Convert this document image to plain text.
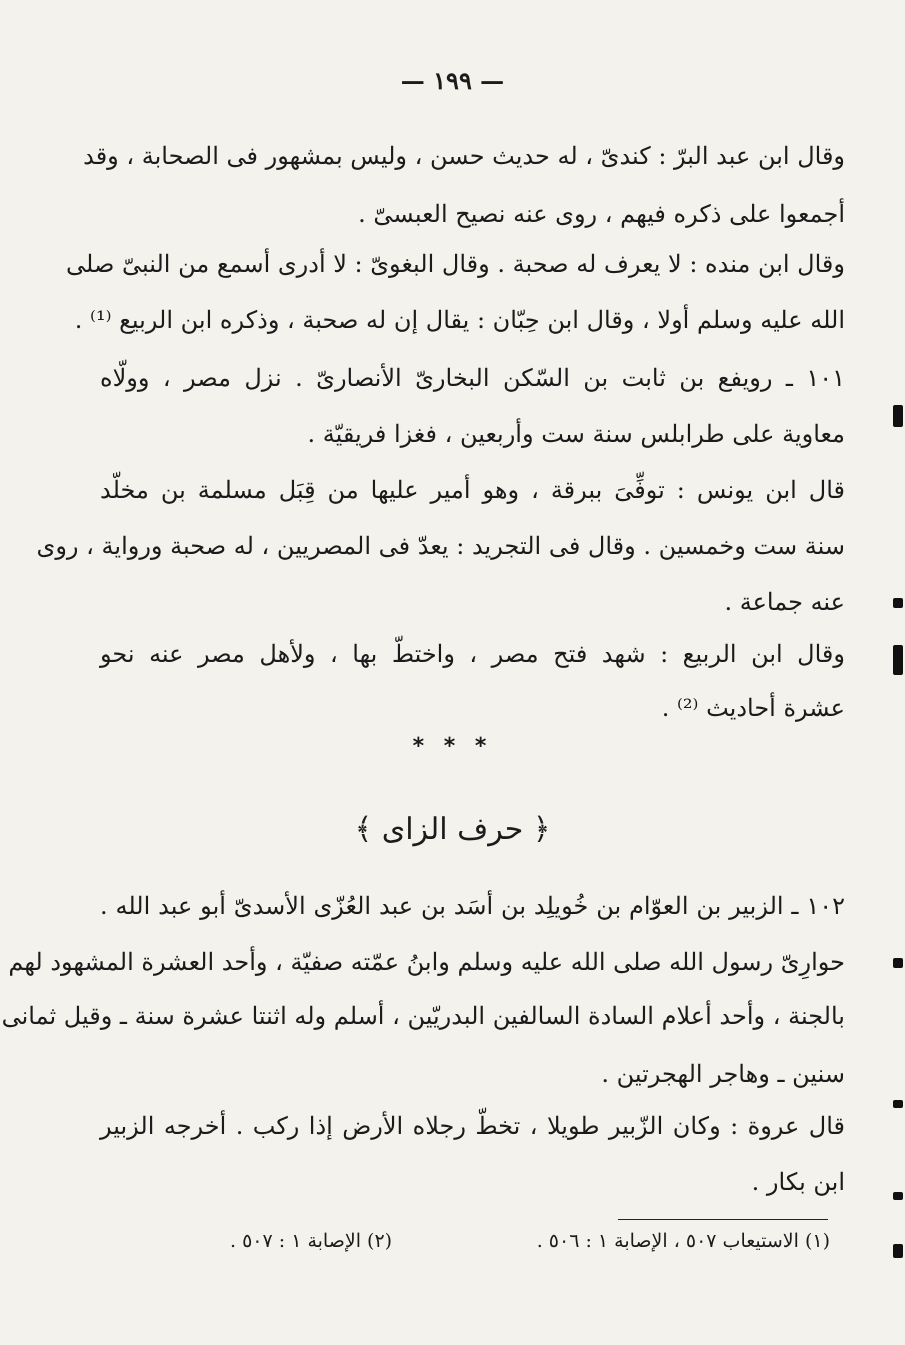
— ١٩٩ —
وقال ابن عبد البرّ : كندىّ ، له حديث حسن ، وليس بمشهور فى الصحابة ، وقد
أجمعوا على ذكره فيهم ، روى عنه نصيح العبسىّ .
وقال ابن منده : لا يعرف له صحبة . وقال البغوىّ : لا أدرى أسمع من النبىّ صلى
الله عليه وسلم أولا ، وقال ابن حِبّان : يقال إن له صحبة ، وذكره ابن الربيع ⁽¹⁾ .
١٠١ ـ رويفع بن ثابت بن السّكن البخارىّ الأنصارىّ . نزل مصر ، وولّاه
معاوية على طرابلس سنة ست وأربعين ، فغزا فريقيّة .
قال ابن يونس : توفِّىَ ببرقة ، وهو أمير عليها من قِبَل مسلمة بن مخلّد
سنة ست وخمسين . وقال فى التجريد : يعدّ فى المصريين ، له صحبة ورواية ، روى
عنه جماعة .
وقال ابن الربيع : شهد فتح مصر ، واختطّ بها ، ولأهل مصر عنه نحو
عشرة أحاديث ⁽²⁾ .
* * *
﴿ حرف الزاى ﴾
١٠٢ ـ الزبير بن العوّام بن خُويلِد بن أسَد بن عبد العُزّى الأسدىّ أبو عبد الله .
حوارِىّ رسول الله صلى الله عليه وسلم وابنُ عمّته صفيّة ، وأحد العشرة المشهود لهم
بالجنة ، وأحد أعلام السادة السالفين البدريّين ، أسلم وله اثنتا عشرة سنة ـ وقيل ثمانى
سنين ـ وهاجر الهجرتين .
قال عروة : وكان الزّبير طويلا ، تخطّ رجلاه الأرض إذا ركب . أخرجه الزبير
ابن بكار .
(١) الاستيعاب ٥٠٧ ، الإصابة ١ : ٥٠٦ .
(٢) الإصابة ١ : ٥٠٧ .
